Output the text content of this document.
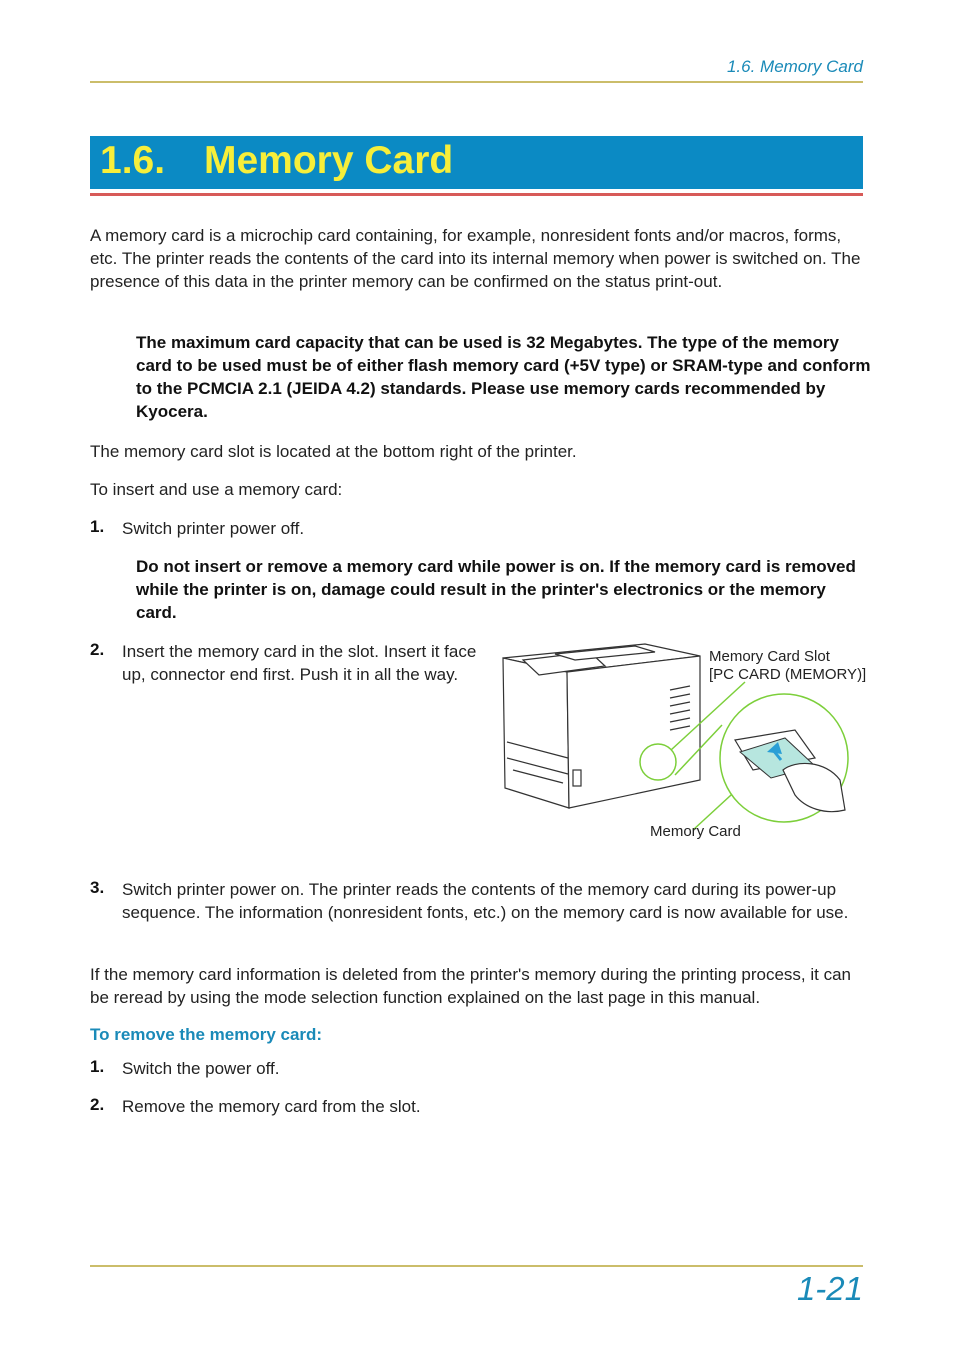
1.6. Memory Card
1.6. Memory Card
A memory card is a microchip card containing, for example, nonresident fonts and/or macros, forms, etc. The printer reads the contents of the card into its internal memory when power is switched on. The presence of this data in the printer memory can be confirmed on the status print-out.
The maximum card capacity that can be used is 32 Megabytes. The type of the memory card to be used must be of either flash memory card (+5V type) or SRAM-type and conform to the PCMCIA 2.1 (JEIDA 4.2) standards. Please use memory cards recommended by Kyocera.
The memory card slot is located at the bottom right of the printer.
To insert and use a memory card:
1. Switch printer power off.
Do not insert or remove a memory card while power is on. If the memory card is removed while the printer is on, damage could result in the printer's electronics or the memory card.
2. Insert the memory card in the slot. Insert it face up, connector end first. Push it in all the way.
Memory Card Slot
[PC CARD (MEMORY)]
Memory Card
3. Switch printer power on. The printer reads the contents of the memory card during its power-up sequence. The information (nonresident fonts, etc.) on the memory card is now available for use.
If the memory card information is deleted from the printer's memory during the printing process, it can be reread by using the mode selection function explained on the last page in this manual.
To remove the memory card:
1. Switch the power off.
2. Remove the memory card from the slot.
1-21
